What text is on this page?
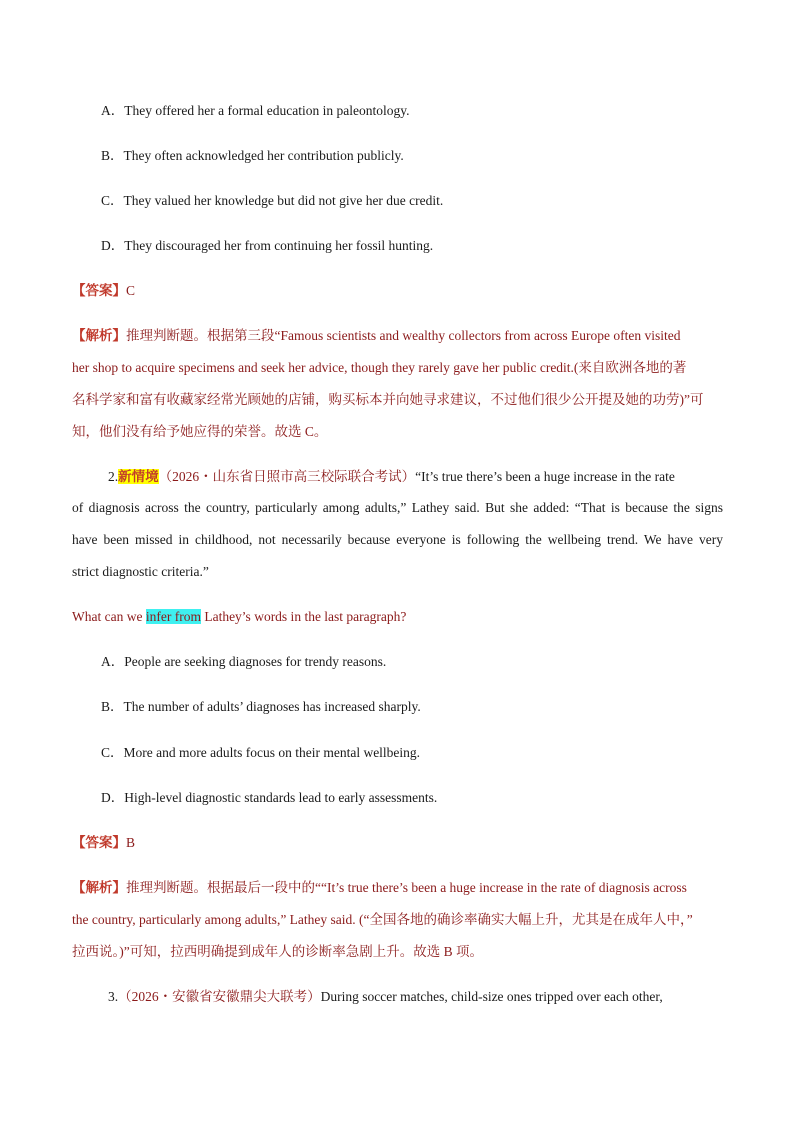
A．They offered her a formal education in paleontology.
B．They often acknowledged her contribution publicly.
C．They valued her knowledge but did not give her due credit.
D．They discouraged her from continuing her fossil hunting.
【答案】C
【解析】推理判断题。根据第三段“Famous scientists and wealthy collectors from across Europe often visited
her shop to acquire specimens and seek her advice, though they rarely gave her public credit.(来自欧洲各地的著
名科学家和富有收藏家经常光顾她的店铺，购买标本并向她寻求建议，不过他们很少公开提及她的功劳)”可
知，他们没有给予她应得的荣誉。故选 C。
2.新情境（2026・山东省日照市高三校际联合考试）“It’s true there’s been a huge increase in the rate
of diagnosis across the country, particularly among adults,” Lathey said. But she added: “That is because the signs
have been missed in childhood, not necessarily because everyone is following the wellbeing trend. We have very
strict diagnostic criteria.”
What can we infer from Lathey’s words in the last paragraph?
A．People are seeking diagnoses for trendy reasons.
B．The number of adults’ diagnoses has increased sharply.
C．More and more adults focus on their mental wellbeing.
D．High-level diagnostic standards lead to early assessments.
【答案】B
【解析】推理判断题。根据最后一段中的““It’s true there’s been a huge increase in the rate of diagnosis across
the country, particularly among adults,” Lathey said. (“全国各地的确诊率确实大幅上升，尤其是在成年人中，”
拉西说。)”可知，拉西明确提到成年人的诊断率急剧上升。故选 B 项。
3.（2026・安徽省安徽鼎尖大联考）During soccer matches, child-size ones tripped over each other,
